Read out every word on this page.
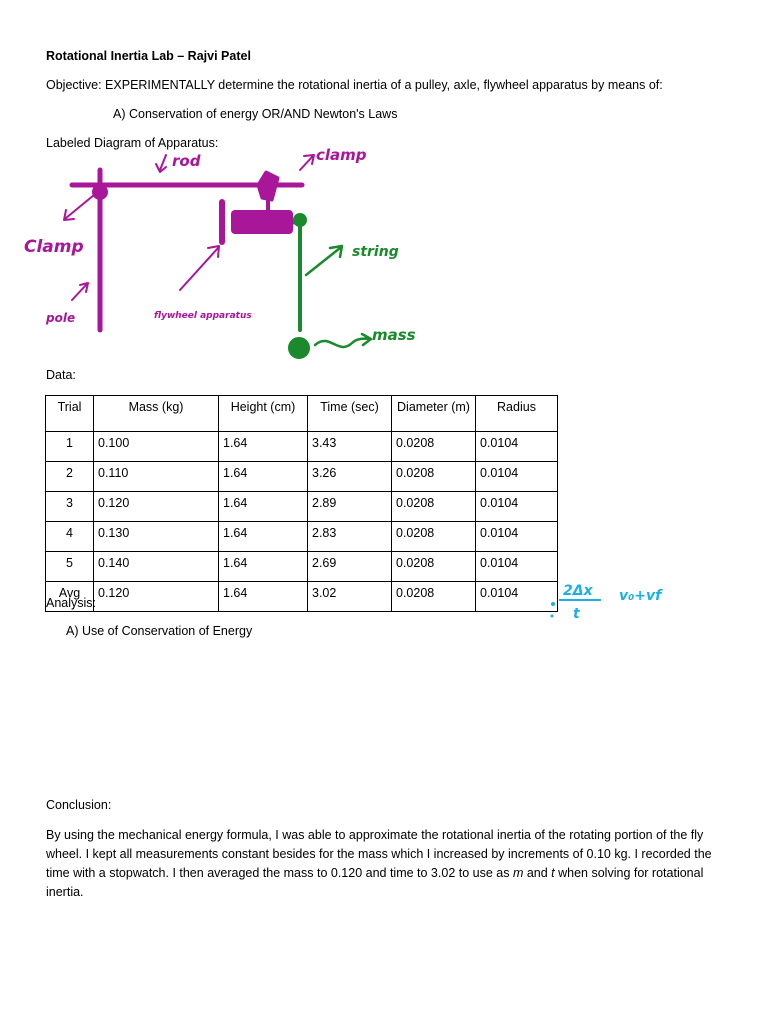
Rotational Inertia Lab – Rajvi Patel
Objective: EXPERIMENTALLY determine the rotational inertia of a pulley, axle, flywheel apparatus by means of:
A) Conservation of energy OR/AND Newton's Laws
Labeled Diagram of Apparatus:
rod	clamp
Clamp
pole	flywheel apparatus
string
mass
Data:
Trial	Mass (kg)	Height (cm)	Time (sec)	Diameter (m)	Radius
1	0.100	1.64	3.43	0.0208	0.0104
2	0.110	1.64	3.26	0.0208	0.0104
3	0.120	1.64	2.89	0.0208	0.0104
4	0.130	1.64	2.83	0.0208	0.0104
5	0.140	1.64	2.69	0.0208	0.0104
Avg	0.120	1.64	3.02	0.0208	0.0104	2Δx
t
v₀+vf
Analysis:
A) Use of Conservation of Energy
Conclusion:
By using the mechanical energy formula, I was able to approximate the rotational inertia of the rotating portion of the fly wheel. I kept all measurements constant besides for the mass which I increased by increments of 0.10 kg. I recorded the time with a stopwatch. I then averaged the mass to 0.120 and time to 3.02 to use as m and t when solving for rotational inertia.
